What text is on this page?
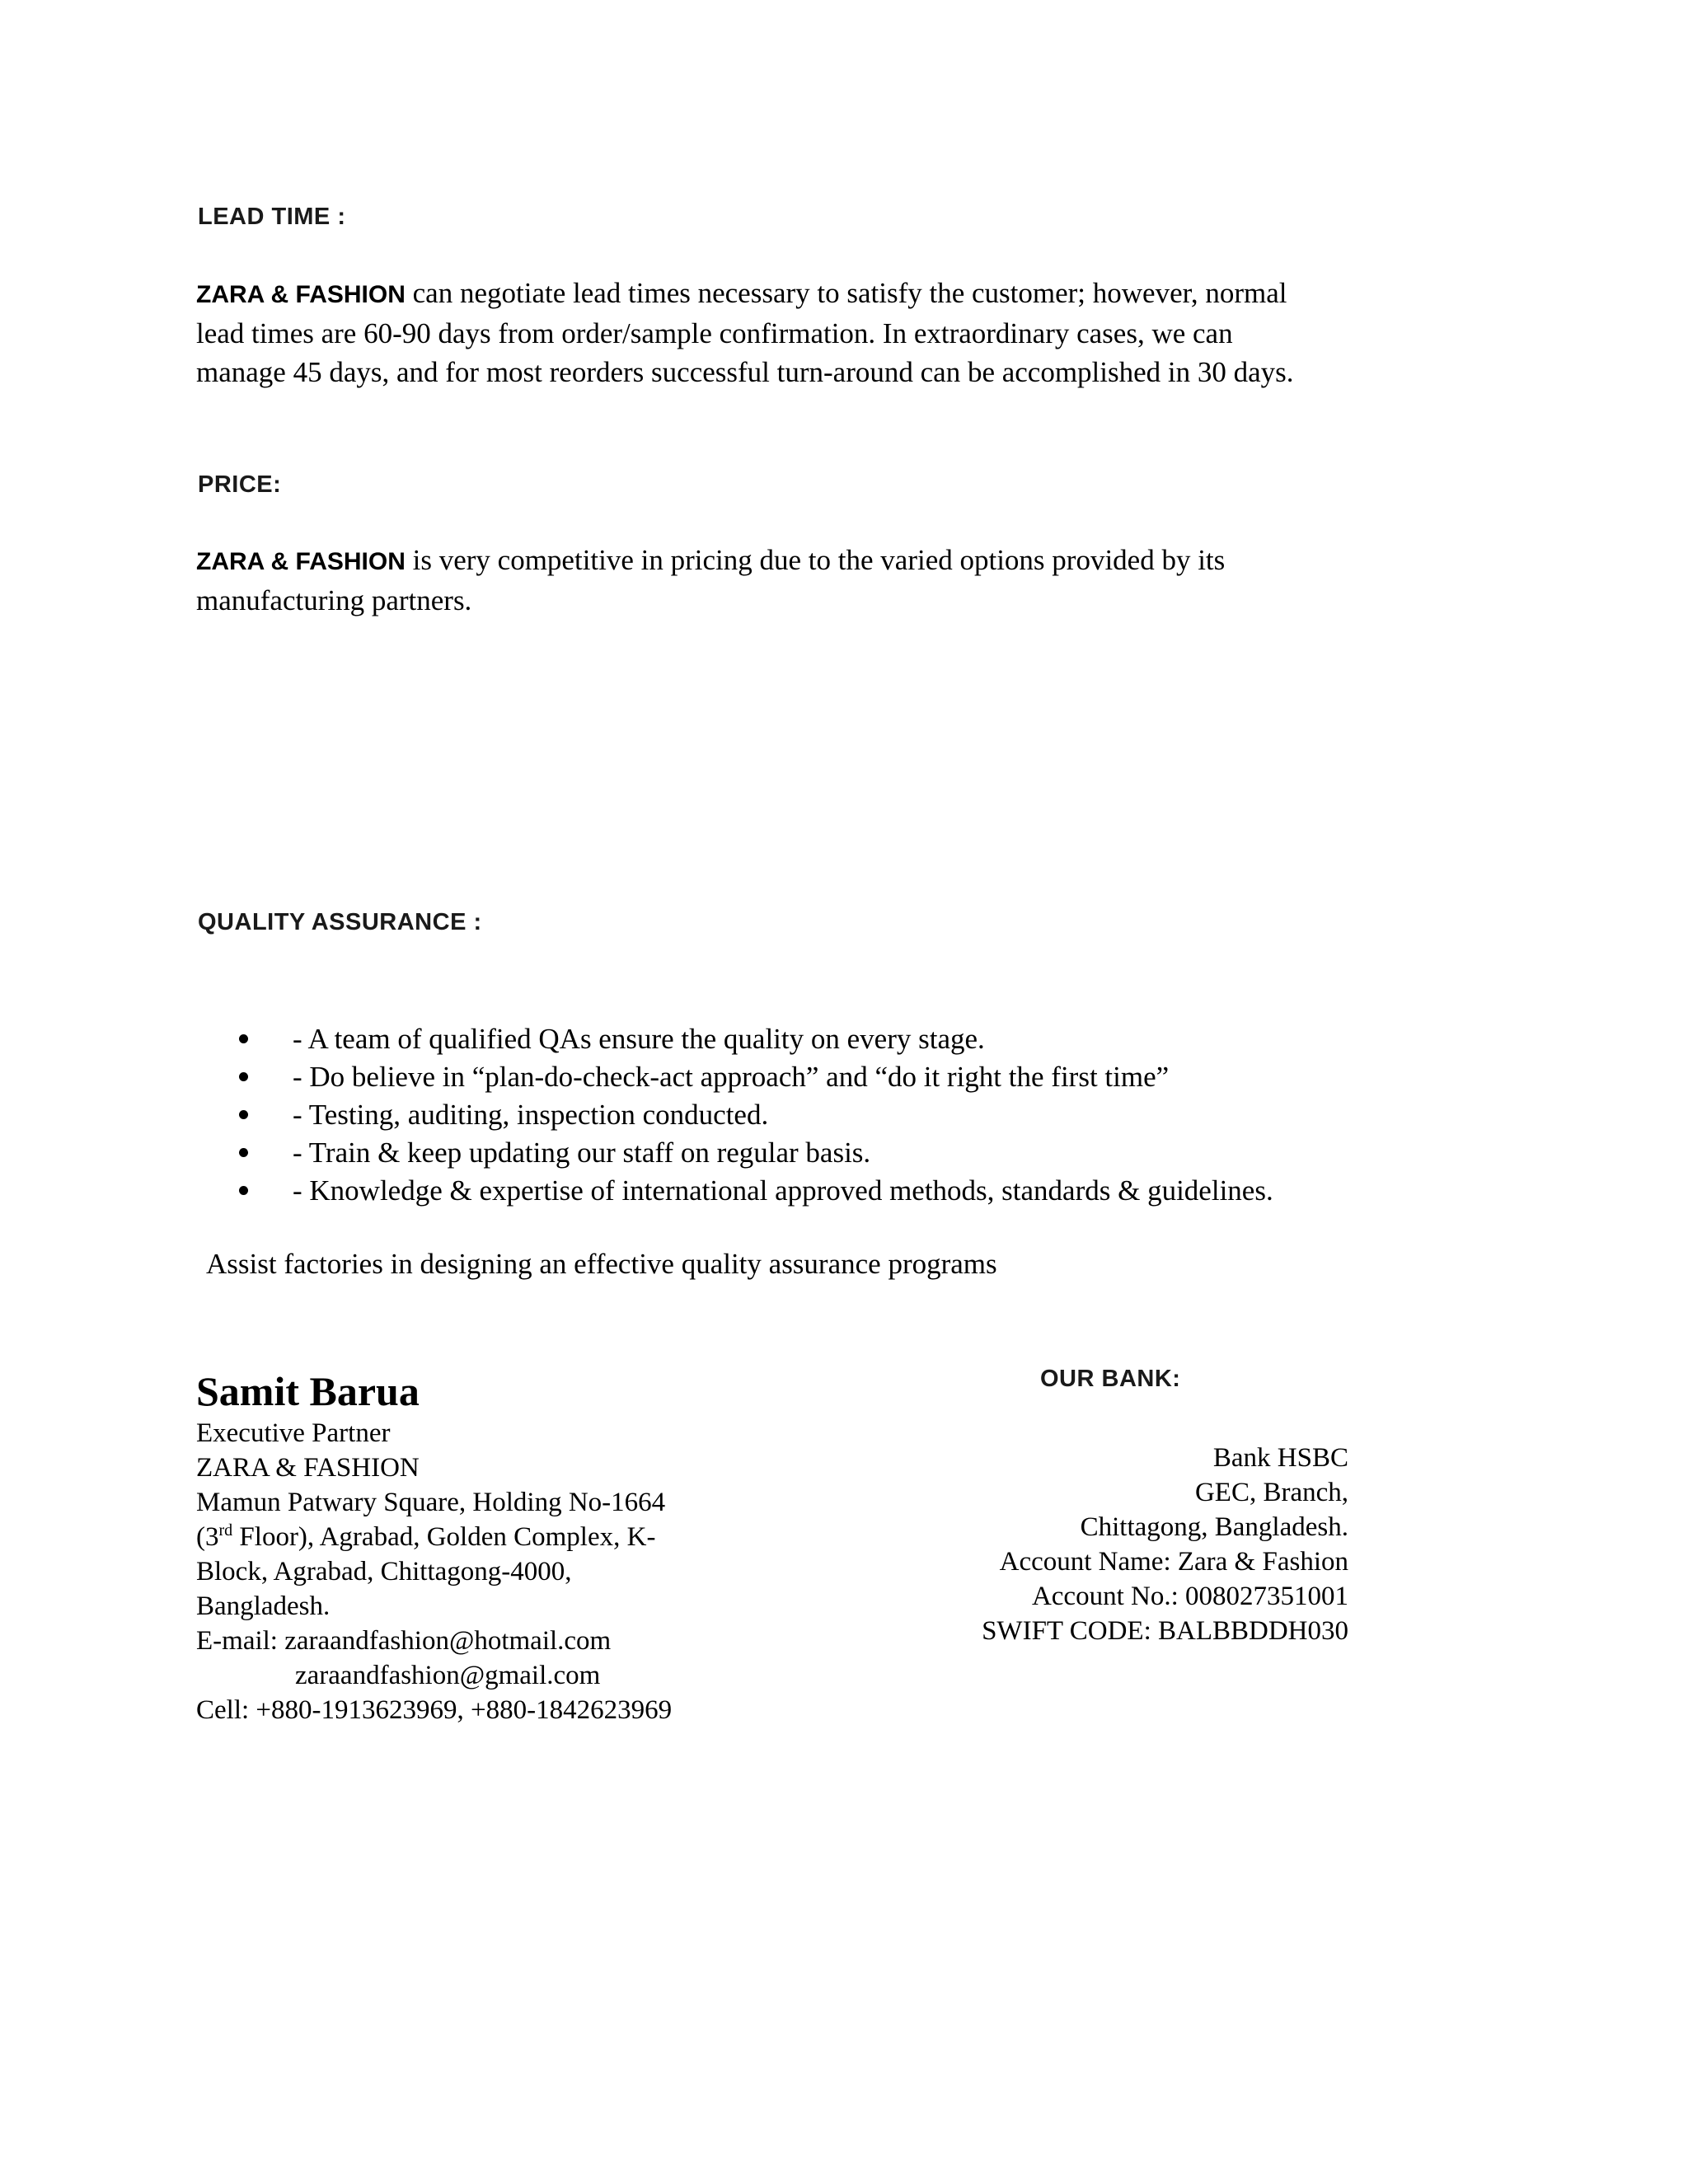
LEAD TIME :
ZARA & FASHION can negotiate lead times necessary to satisfy the customer; however, normal
lead times are 60-90 days from order/sample confirmation. In extraordinary cases, we can
manage 45 days, and for most reorders successful turn-around can be accomplished in 30 days.
PRICE:
ZARA & FASHION is very competitive in pricing due to the varied options provided by its
manufacturing partners.
QUALITY ASSURANCE :
- A team of qualified QAs ensure the quality on every stage.
- Do believe in “plan-do-check-act approach” and “do it right the first time”
- Testing, auditing, inspection conducted.
- Train & keep updating our staff on regular basis.
- Knowledge & expertise of international approved methods, standards & guidelines.
Assist factories in designing an effective quality assurance programs
Samit Barua
Executive Partner
ZARA & FASHION
Mamun Patwary Square, Holding No-1664
(3rd Floor), Agrabad, Golden Complex, K-
Block, Agrabad, Chittagong-4000,
Bangladesh.
E-mail: zaraandfashion@hotmail.com
zaraandfashion@gmail.com
Cell: +880-1913623969, +880-1842623969
OUR BANK:
Bank HSBC
GEC, Branch,
Chittagong, Bangladesh.
Account Name: Zara & Fashion
Account No.: 008027351001
SWIFT CODE: BALBBDDH030
